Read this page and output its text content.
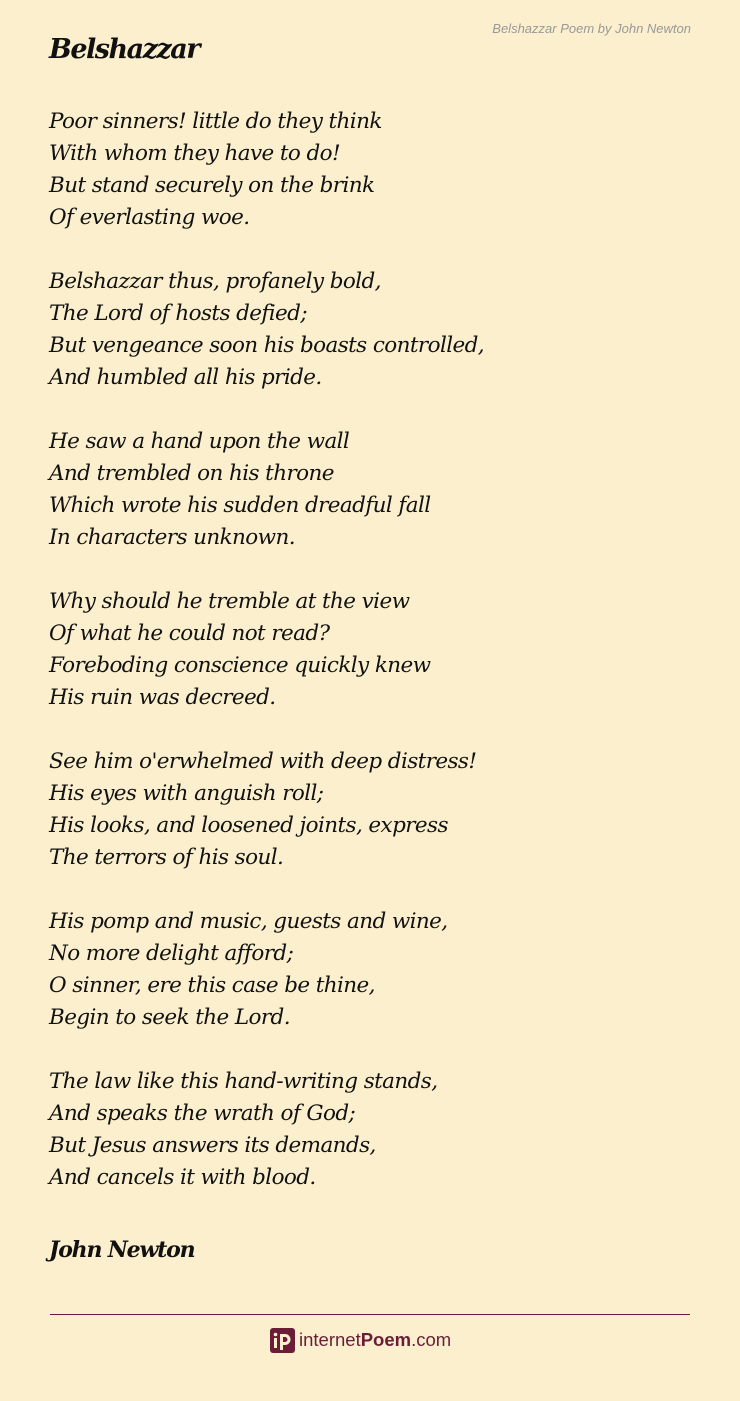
Belshazzar Poem by John Newton
Belshazzar
Poor sinners! little do they think
With whom they have to do!
But stand securely on the brink
Of everlasting woe.
Belshazzar thus, profanely bold,
The Lord of hosts defied;
But vengeance soon his boasts controlled,
And humbled all his pride.
He saw a hand upon the wall
And trembled on his throne
Which wrote his sudden dreadful fall
In characters unknown.
Why should he tremble at the view
Of what he could not read?
Foreboding conscience quickly knew
His ruin was decreed.
See him o'erwhelmed with deep distress!
His eyes with anguish roll;
His looks, and loosened joints, express
The terrors of his soul.
His pomp and music, guests and wine,
No more delight afford;
O sinner, ere this case be thine,
Begin to seek the Lord.
The law like this hand-writing stands,
And speaks the wrath of God;
But Jesus answers its demands,
And cancels it with blood.
John Newton
internetPoem.com
